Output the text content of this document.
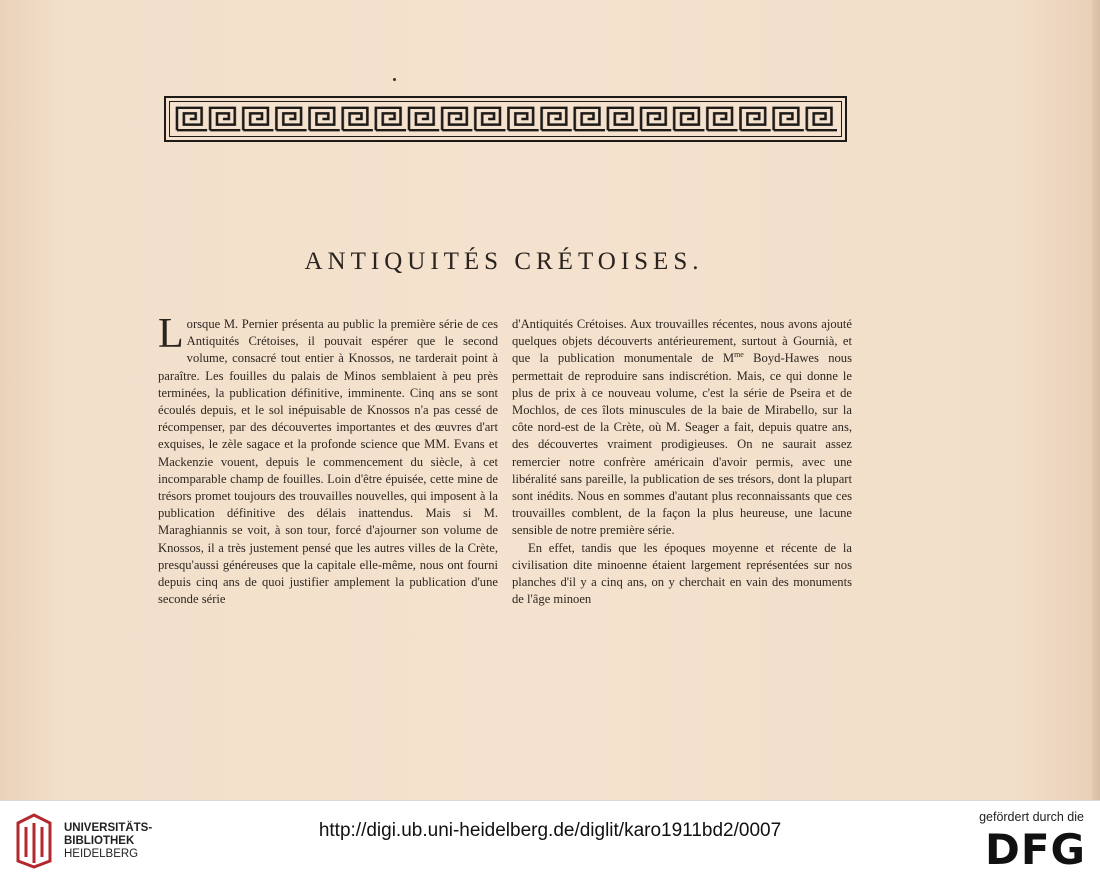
ANTIQUITÉS CRÉTOISES.

Lorsque M. Pernier présenta au public la première série de ces Antiquités Crétoises, il pouvait espérer que le second volume, consacré tout entier à Knossos, ne tarderait point à paraître. Les fouilles du palais de Minos semblaient à peu près terminées, la publication définitive, imminente. Cinq ans se sont écoulés depuis, et le sol inépuisable de Knossos n'a pas cessé de récompenser, par des découvertes importantes et des œuvres d'art exquises, le zèle sagace et la profonde science que MM. Evans et Mackenzie vouent, depuis le commencement du siècle, à cet incomparable champ de fouilles. Loin d'être épuisée, cette mine de trésors promet toujours des trouvailles nouvelles, qui imposent à la publication définitive des délais inattendus. Mais si M. Maraghiannis se voit, à son tour, forcé d'ajourner son volume de Knossos, il a très justement pensé que les autres villes de la Crète, presqu'aussi généreuses que la capitale elle-même, nous ont fourni depuis cinq ans de quoi justifier amplement la publication d'une seconde série

d'Antiquités Crétoises. Aux trouvailles récentes, nous avons ajouté quelques objets découverts antérieurement, surtout à Gournià, et que la publication monumentale de $M^{me}$ Boyd-Hawes nous permettait de reproduire sans indiscrétion. Mais, ce qui donne le plus de prix à ce nouveau volume, c'est la série de Pseira et de Mochlos, de ces îlots minuscules de la baie de Mirabello, sur la côte nord-est de la Crète, où M. Seager a fait, depuis quatre ans, des découvertes vraiment prodigieuses. On ne saurait assez remercier notre confrère américain d'avoir permis, avec une libéralité sans pareille, la publication de ses trésors, dont la plupart sont inédits. Nous en sommes d'autant plus reconnaissants que ces trouvailles comblent, de la façon la plus heureuse, une lacune sensible de notre première série.

En effet, tandis que les époques moyenne et récente de la civilisation dite minoenne étaient largement représentées sur nos planches d'il y a cinq ans, on y cherchait en vain des monuments de l'âge minoen

UNIVERSITÄTS-
BIBLIOTHEK
HEIDELBERG
http://digi.ub.uni-heidelberg.de/diglit/karo1911bd2/0007
gefördert durch die
DFG
